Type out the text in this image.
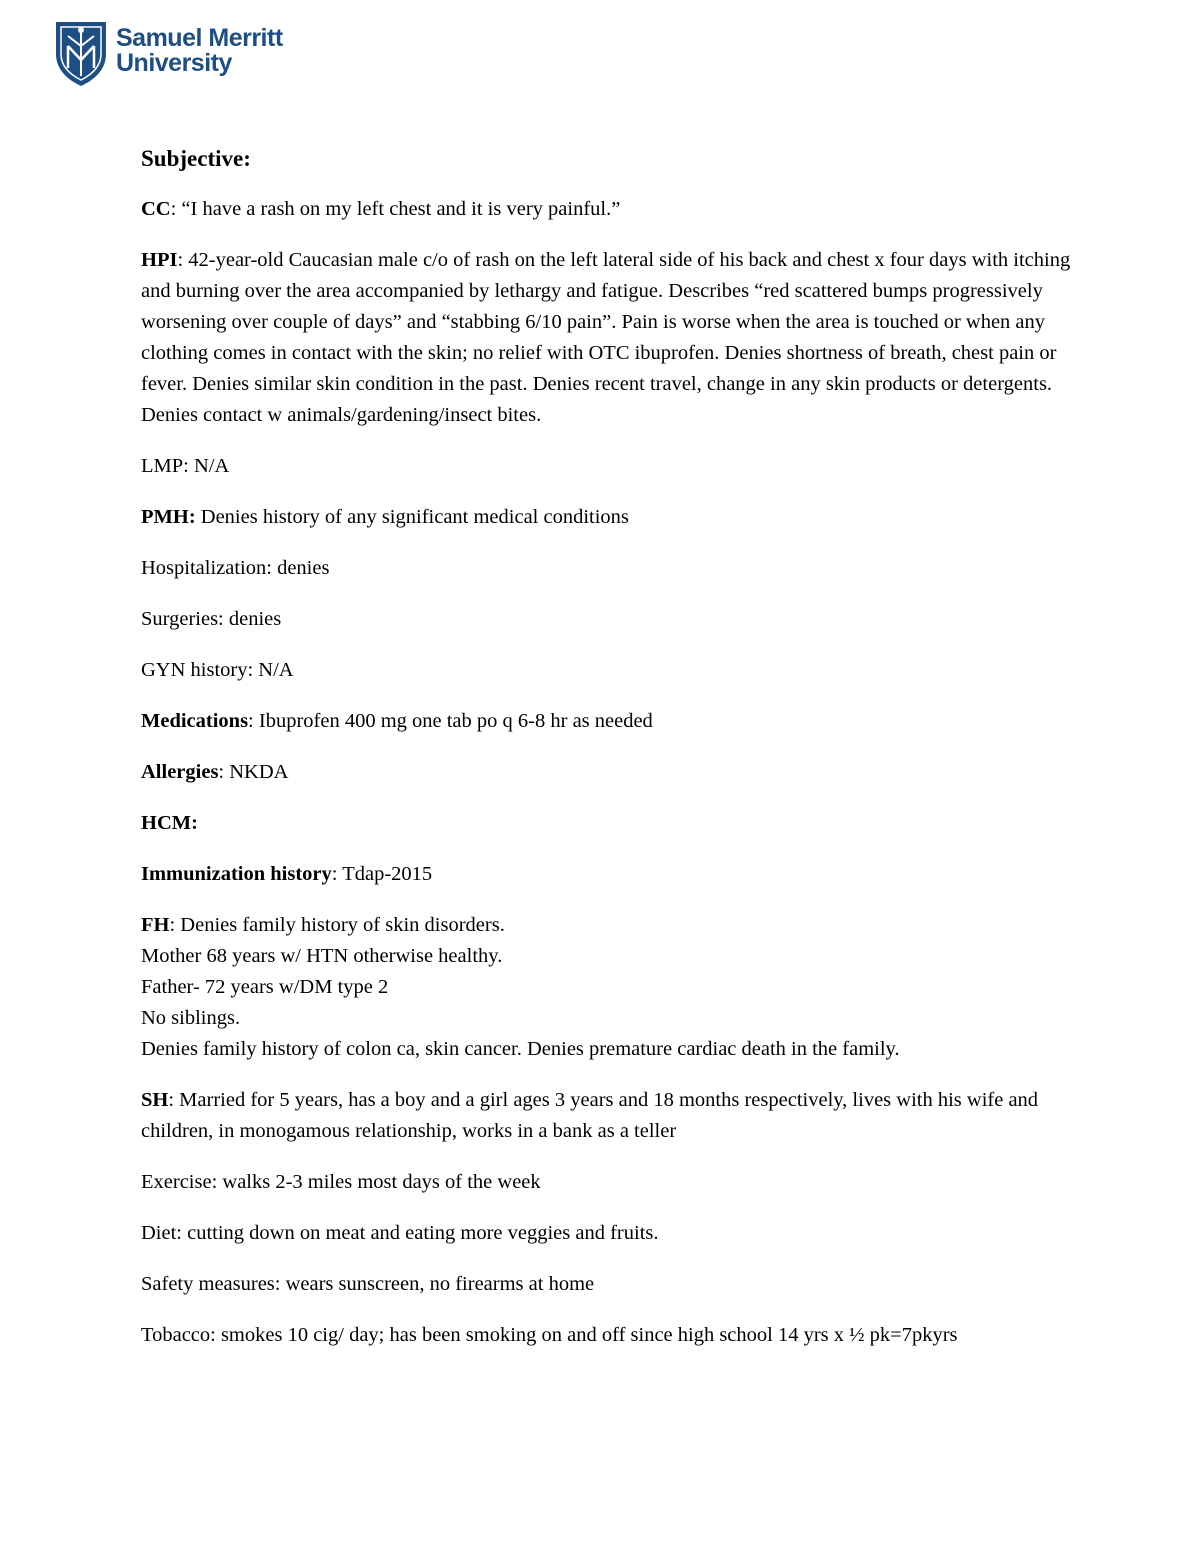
Samuel Merritt
University
Subjective:
CC: “I have a rash on my left chest and it is very painful.”
HPI: 42-year-old Caucasian male c/o of rash on the left lateral side of his back and chest x four days with itching and burning over the area accompanied by lethargy and fatigue. Describes “red scattered bumps progressively worsening over couple of days” and “stabbing 6/10 pain”. Pain is worse when the area is touched or when any clothing comes in contact with the skin; no relief with OTC ibuprofen. Denies shortness of breath, chest pain or fever. Denies similar skin condition in the past. Denies recent travel, change in any skin products or detergents. Denies contact w animals/gardening/insect bites.
LMP: N/A
PMH: Denies history of any significant medical conditions
Hospitalization: denies
Surgeries: denies
GYN history: N/A
Medications: Ibuprofen 400 mg one tab po q 6-8 hr as needed
Allergies: NKDA
HCM:
Immunization history: Tdap-2015
FH: Denies family history of skin disorders.
Mother 68 years w/ HTN otherwise healthy.
Father- 72 years w/DM type 2
No siblings.
Denies family history of colon ca, skin cancer. Denies premature cardiac death in the family.
SH: Married for 5 years, has a boy and a girl ages 3 years and 18 months respectively, lives with his wife and children, in monogamous relationship, works in a bank as a teller
Exercise: walks 2-3 miles most days of the week
Diet: cutting down on meat and eating more veggies and fruits.
Safety measures: wears sunscreen, no firearms at home
Tobacco: smokes 10 cig/ day; has been smoking on and off since high school 14 yrs x ½ pk=7pkyrs
